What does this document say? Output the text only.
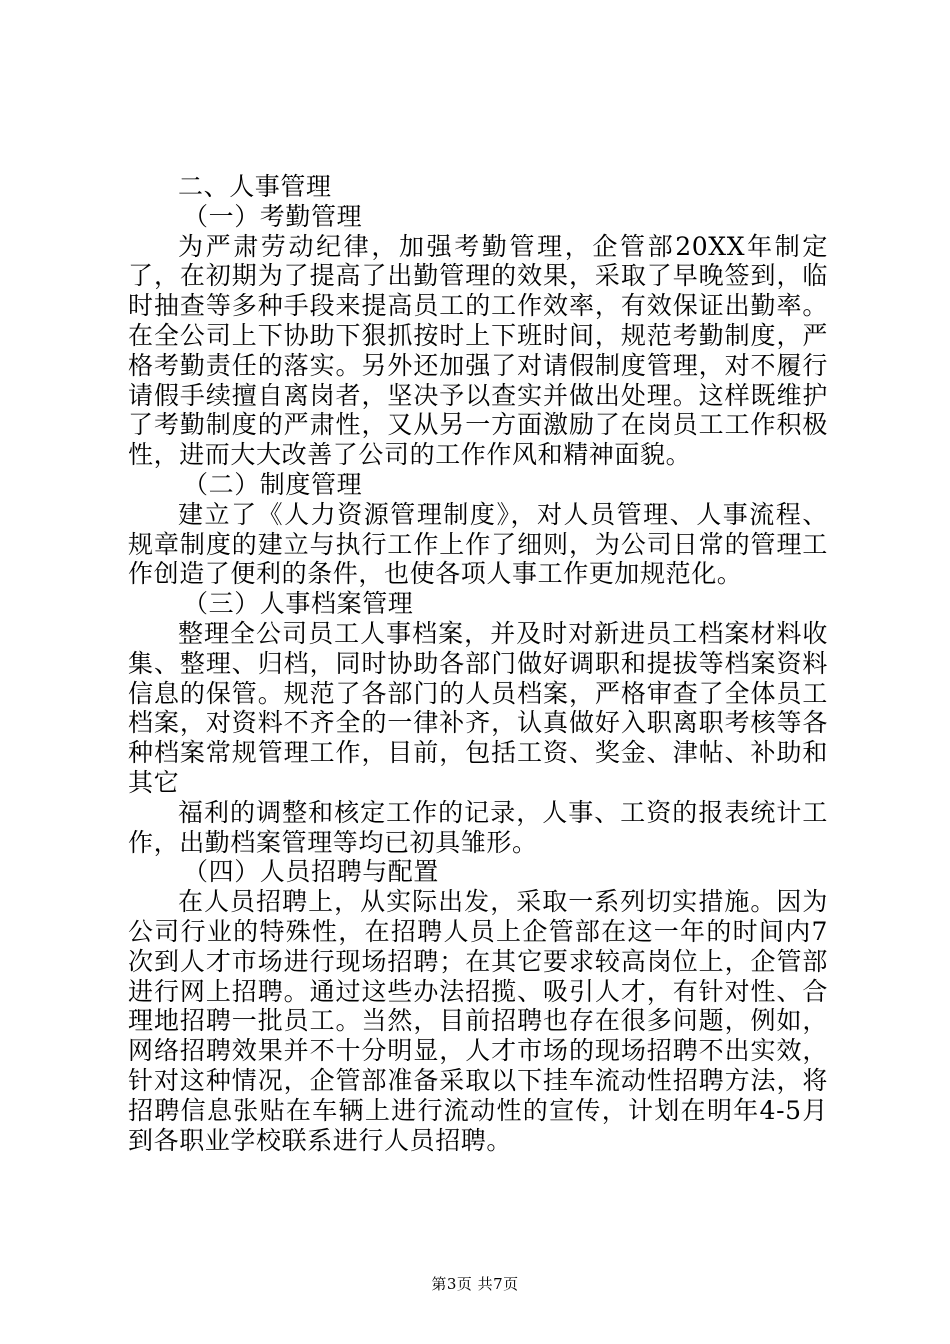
二、人事管理
（一）考勤管理
为严肃劳动纪律，加强考勤管理，企管部20XX年制定了，在初期为了提高了出勤管理的效果，采取了早晚签到，临时抽查等多种手段来提高员工的工作效率，有效保证出勤率。在全公司上下协助下狠抓按时上下班时间，规范考勤制度，严格考勤责任的落实。另外还加强了对请假制度管理，对不履行请假手续擅自离岗者，坚决予以查实并做出处理。这样既维护了考勤制度的严肃性，又从另一方面激励了在岗员工工作积极性，进而大大改善了公司的工作作风和精神面貌。
（二）制度管理
建立了《人力资源管理制度》，对人员管理、人事流程、规章制度的建立与执行工作上作了细则，为公司日常的管理工作创造了便利的条件，也使各项人事工作更加规范化。
（三）人事档案管理
整理全公司员工人事档案，并及时对新进员工档案材料收集、整理、归档，同时协助各部门做好调职和提拔等档案资料信息的保管。规范了各部门的人员档案，严格审查了全体员工档案，对资料不齐全的一律补齐，认真做好入职离职考核等各种档案常规管理工作，目前，包括工资、奖金、津帖、补助和其它
福利的调整和核定工作的记录，人事、工资的报表统计工作，出勤档案管理等均已初具雏形。
（四）人员招聘与配置
在人员招聘上，从实际出发，采取一系列切实措施。因为公司行业的特殊性，在招聘人员上企管部在这一年的时间内7次到人才市场进行现场招聘；在其它要求较高岗位上，企管部进行网上招聘。通过这些办法招揽、吸引人才，有针对性、合理地招聘一批员工。当然，目前招聘也存在很多问题，例如，网络招聘效果并不十分明显，人才市场的现场招聘不出实效，针对这种情况，企管部准备采取以下挂车流动性招聘方法，将招聘信息张贴在车辆上进行流动性的宣传，计划在明年4-5月到各职业学校联系进行人员招聘。
第3页 共7页
